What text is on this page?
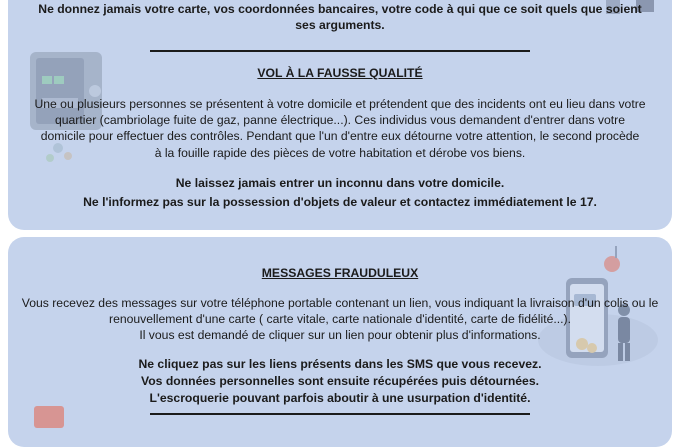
Ne donnez jamais votre carte, vos coordonnées bancaires, votre code à qui que ce soit quels que soient ses arguments.
VOL À LA FAUSSE QUALITÉ
Une ou plusieurs personnes se présentent à votre domicile et prétendent que des incidents ont eu lieu dans votre
quartier (cambriolage fuite de gaz, panne électrique...). Ces individus vous demandent d'entrer dans votre
domicile pour effectuer des contrôles. Pendant que l'un d'entre eux détourne votre attention, le second procède
à la fouille rapide des pièces de votre habitation et dérobe vos biens.
Ne laissez jamais entrer un inconnu dans votre domicile.
Ne l'informez pas sur la possession d'objets de valeur et contactez immédiatement le 17.
MESSAGES FRAUDULEUX
Vous recevez des messages sur votre téléphone portable contenant un lien, vous indiquant la livraison d'un colis ou le
renouvellement d'une carte ( carte vitale, carte nationale d'identité, carte de fidélité...).
Il vous est demandé de cliquer sur un lien pour obtenir plus d'informations.
Ne cliquez pas sur les liens présents dans les SMS que vous recevez.
Vos données personnelles sont ensuite récupérées puis détournées.
L'escroquerie pouvant parfois aboutir à une usurpation d'identité.
